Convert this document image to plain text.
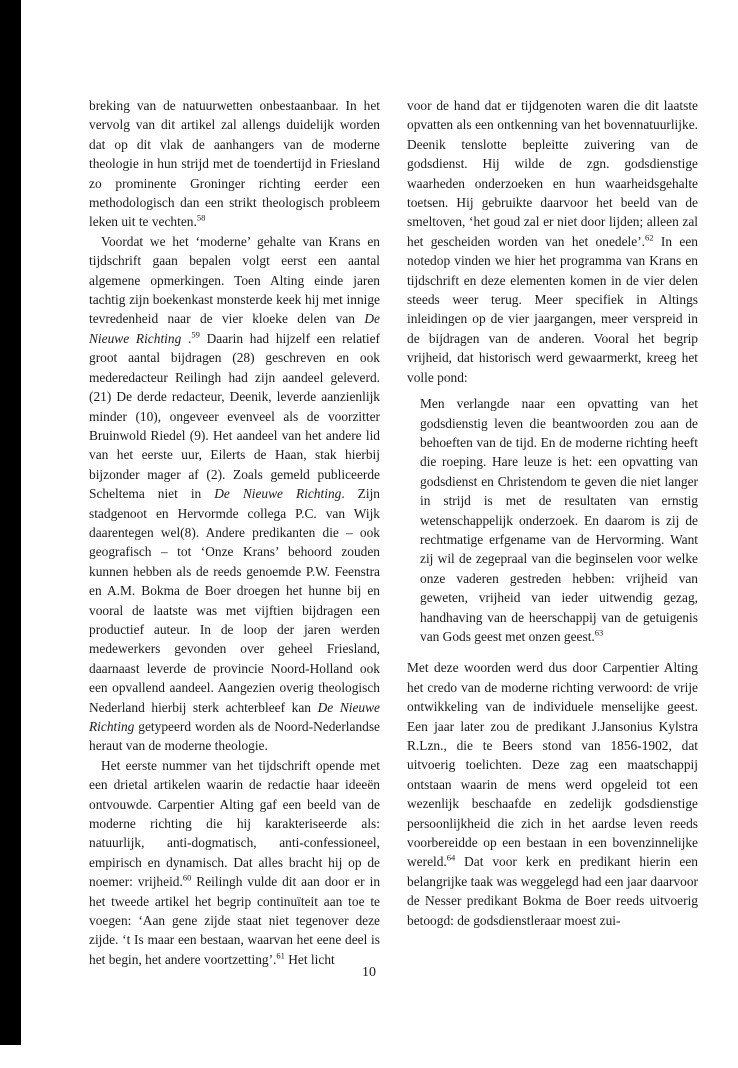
breking van de natuurwetten onbestaanbaar. In het vervolg van dit artikel zal allengs duidelijk worden dat op dit vlak de aanhangers van de moderne theologie in hun strijd met de toendertijd in Friesland zo prominente Groninger richting eerder een methodologisch dan een strikt theologisch probleem leken uit te vechten.$^{58}$

Voordat we het ‘moderne’ gehalte van Krans en tijdschrift gaan bepalen volgt eerst een aantal algemene opmerkingen. Toen Alting einde jaren tachtig zijn boekenkast monsterde keek hij met innige tevredenheid naar de vier kloeke delen van De Nieuwe Richting .$^{59}$ Daarin had hijzelf een relatief groot aantal bijdragen (28) geschreven en ook mederedacteur Reilingh had zijn aandeel geleverd. (21) De derde redacteur, Deenik, leverde aanzienlijk minder (10), ongeveer evenveel als de voorzitter Bruinwold Riedel (9). Het aandeel van het andere lid van het eerste uur, Eilerts de Haan, stak hierbij bijzonder mager af (2). Zoals gemeld publiceerde Scheltema niet in De Nieuwe Richting. Zijn stadgenoot en Hervormde collega P.C. van Wijk daarentegen wel(8). Andere predikanten die – ook geografisch – tot ‘Onze Krans’ behoord zouden kunnen hebben als de reeds genoemde P.W. Feenstra en A.M. Bokma de Boer droegen het hunne bij en vooral de laatste was met vijftien bijdragen een productief auteur. In de loop der jaren werden medewerkers gevonden over geheel Friesland, daarnaast leverde de provincie Noord-Holland ook een opvallend aandeel. Aangezien overig theologisch Nederland hierbij sterk achterbleef kan De Nieuwe Richting getypeerd worden als de Noord-Nederlandse heraut van de moderne theologie.

Het eerste nummer van het tijdschrift opende met een drietal artikelen waarin de redactie haar ideeën ontvouwde. Carpentier Alting gaf een beeld van de moderne richting die hij karakteriseerde als: natuurlijk, anti-dogmatisch, anti-confessioneel, empirisch en dynamisch. Dat alles bracht hij op de noemer: vrijheid.$^{60}$ Reilingh vulde dit aan door er in het tweede artikel het begrip continuïteit aan toe te voegen: ‘Aan gene zijde staat niet tegenover deze zijde. ‘t Is maar een bestaan, waarvan het eene deel is het begin, het andere voortzetting’.$^{61}$ Het licht

voor de hand dat er tijdgenoten waren die dit laatste opvatten als een ontkenning van het bovennatuurlijke. Deenik tenslotte bepleitte zuivering van de godsdienst. Hij wilde de zgn. godsdienstige waarheden onderzoeken en hun waarheidsgehalte toetsen. Hij gebruikte daarvoor het beeld van de smeltoven, ‘het goud zal er niet door lijden; alleen zal het gescheiden worden van het onedele’.$^{62}$ In een notedop vinden we hier het programma van Krans en tijdschrift en deze elementen komen in de vier delen steeds weer terug. Meer specifiek in Altings inleidingen op de vier jaargangen, meer verspreid in de bijdragen van de anderen. Vooral het begrip vrijheid, dat historisch werd gewaarmerkt, kreeg het volle pond:

Men verlangde naar een opvatting van het godsdienstig leven die beantwoorden zou aan de behoeften van de tijd. En de moderne richting heeft die roeping. Hare leuze is het: een opvatting van godsdienst en Christendom te geven die niet langer in strijd is met de resultaten van ernstig wetenschappelijk onderzoek. En daarom is zij de rechtmatige erfgename van de Hervorming. Want zij wil de zegepraal van die beginselen voor welke onze vaderen gestreden hebben: vrijheid van geweten, vrijheid van ieder uitwendig gezag, handhaving van de heerschappij van de getuigenis van Gods geest met onzen geest.$^{63}$

Met deze woorden werd dus door Carpentier Alting het credo van de moderne richting verwoord: de vrije ontwikkeling van de individuele menselijke geest. Een jaar later zou de predikant J.Jansonius Kylstra R.Lzn., die te Beers stond van 1856-1902, dat uitvoerig toelichten. Deze zag een maatschappij ontstaan waarin de mens werd opgeleid tot een wezenlijk beschaafde en zedelijk godsdienstige persoonlijkheid die zich in het aardse leven reeds voorbereidde op een bestaan in een bovenzinnelijke wereld.$^{64}$ Dat voor kerk en predikant hierin een belangrijke taak was weggelegd had een jaar daarvoor de Nesser predikant Bokma de Boer reeds uitvoerig betoogd: de godsdienstleraar moest zui-

10
